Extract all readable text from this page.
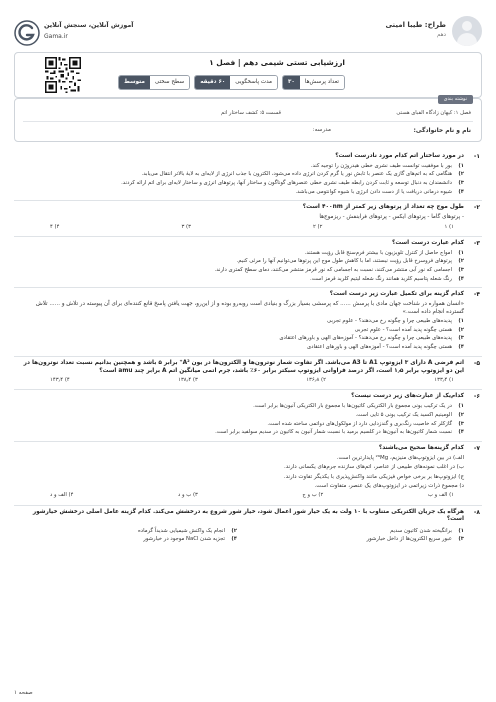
طراح: طیبا امینی
دهم
آموزش آنلاین، سنجش آنلاین
Gama.ir
ارزشیابی تستی شیمی دهم | فصل ۱
تعداد پرسش‌ها
۳۰
مدت پاسخگویی
۶۰ دقیقه
سطح سختی
متوسط
نوشته بندی
فصل ۱: کیهان زادگاه الفبای هستی
قسمت ۵: کشف ساختار اتم
نام و نام خانوادگی:
مدرسه:
۱-
در مورد ساختار اتم کدام مورد نادرست است؟
۱)
بور با موفقیت توانست طیف نشری خطی هیدروژن را توجیه کند.
۲)
هنگامی که به اتم‌های گازی یک عنصر با تابش نور یا گرم کردن انرژی داده می‌شود، الکترون با جذب انرژی از لایه‌ای به لایهٔ بالاتر انتقال می‌یابد.
۳)
دانشمندان به دنبال توسعه و ثابت کردن رابطه طیف نشری خطی عنصرهای گوناگون و ساختار آنها، پرتوهای انرژی و ساختار لایه‌ای برای اتم ارائه کردند.
۴)
شیوه درمانی دریافت یا از دست دادن انرژی با شیوه کوانتومی می‌باشد.
۲-
طول موج چه تعداد از پرتوهای زیر کمتر از ۴۰۰nm است؟
- پرتوهای گاما - پرتوهای ایکس - پرتوهای فرابنفش - ریزموج‌ها
۱) ۱
۲) ۲
۳) ۳
۴) ۴
۳-
کدام عبارت درست است؟
۱)
امواج حاصل از کنترل تلویزیون با بیشتر فرم‌سنج قابل رؤیت هستند.
۲)
پرتوهای فروسرخ قابل رؤیت نیستند، اما با کاهش طول موج این پرتوها می‌توانیم آنها را مرئی کنیم.
۳)
اجسامی که نور آبی منتشر می‌کنند، نسبت به اجسامی که نور قرمز منتشر می‌کنند، دمای سطح کمتری دارند.
۴)
رنگ شعله پتاسیم کلرید همانند رنگ شعله لیتیم کلرید قرمز است.
۴-
کدام گزینه برای تکمیل عبارت زیر درست است؟
«انسان همواره در شناخت جهان مادی با پرسش ...... که پرسشی بسیار بزرگ و بنیادی است روبه‌رو بوده و از این‌رو، جهت یافتن پاسخ قانع کننده‌ای برای آن پیوسته در تلاش و ...... تلاش گسترده انجام داده است.»
۱)
پدیده‌های طبیعی چرا و چگونه رخ می‌دهند؟ - علوم تجربی
۲)
هستی چگونه پدید آمده است؟ - علوم تجربی
۳)
پدیده‌های طبیعی چرا و چگونه رخ می‌دهند؟ - آموزه‌های الهی و باورهای اعتقادی
۴)
هستی چگونه پدید آمده است؟ - آموزه‌های الهی و باورهای اعتقادی
۵-
اتم فرضی A دارای ۳ ایزوتوپ A1 تا A3 می‌باشد. اگر تفاوت شمار نوترون‌ها و الکترون‌ها در یون A²⁺ برابر ۵ باشد و همچنین بدانیم نسبت تعداد نوترون‌ها در این دو ایزوتوپ برابر ۱٫۵ است، اگر درصد فراوانی ایزوتوپ سبکتر برابر ۶۰٪ باشد، جرم اتمی میانگین اتم A برابر چند amu است؟
۱) ۱۳۳٫۴
۲) ۱۳۶٫۸
۳) ۱۳۸٫۴
۴) ۱۴۳٫۴
۶-
کدام‌یک از عبارت‌های زیر درست نیست؟
۱)
در یک ترکیب یونی مجموع بار الکتریکی کاتیون‌ها با مجموع بار الکتریکی آنیون‌ها برابر است.
۲)
الومینیم اکسید یک ترکیب یونی ۵ تایی است.
۳)
گازکلر که خاصیت رنگ‌بری و گندزدایی دارد از مولکول‌های دواتمی ساخته شده است.
۴)
نسبت شمار کاتیون‌ها به آنیون‌ها در کلسیم برمید با نسبت شمار آنیون به کاتیون در سدیم سولفید برابر است.
۷-
کدام گزینه‌ها صحیح می‌باشند؟
الف) در بین ایزوتوپ‌های منیزیم، ²⁶Mg پایدارترین است.
ب) در اغلب نمونه‌های طبیعی از عناصر، اتم‌های سازنده جرم‌های یکسانی دارند.
ج) ایزوتوپ‌ها بر برخی خواص فیزیکی مانند واکنش‌پذیری با یکدیگر تفاوت دارند.
د) مجموع ذرات زیراتمی در ایزوتوپ‌های یک عنصر، متفاوت است.
۱) الف و ب
۲) ب و ج
۳) ب و د
۴) الف و د
۸-
هرگاه یک جریان الکتریکی متناوب با ۱۰ ولت به یک خیار شور اعمال شود، خیار شور شروع به درخشش می‌کند. کدام گزینه عامل اصلی درخشش خیارشور است؟
۱)
برانگیخته شدن کاتیون سدیم
۳)
عبور سریع الکترون‌ها از داخل خیارشور
۲)
انجام یک واکنش شیمیایی شدیداً گرماده
۴)
تجزیه شدن NaCl موجود در خیارشور
صفحه ۱
